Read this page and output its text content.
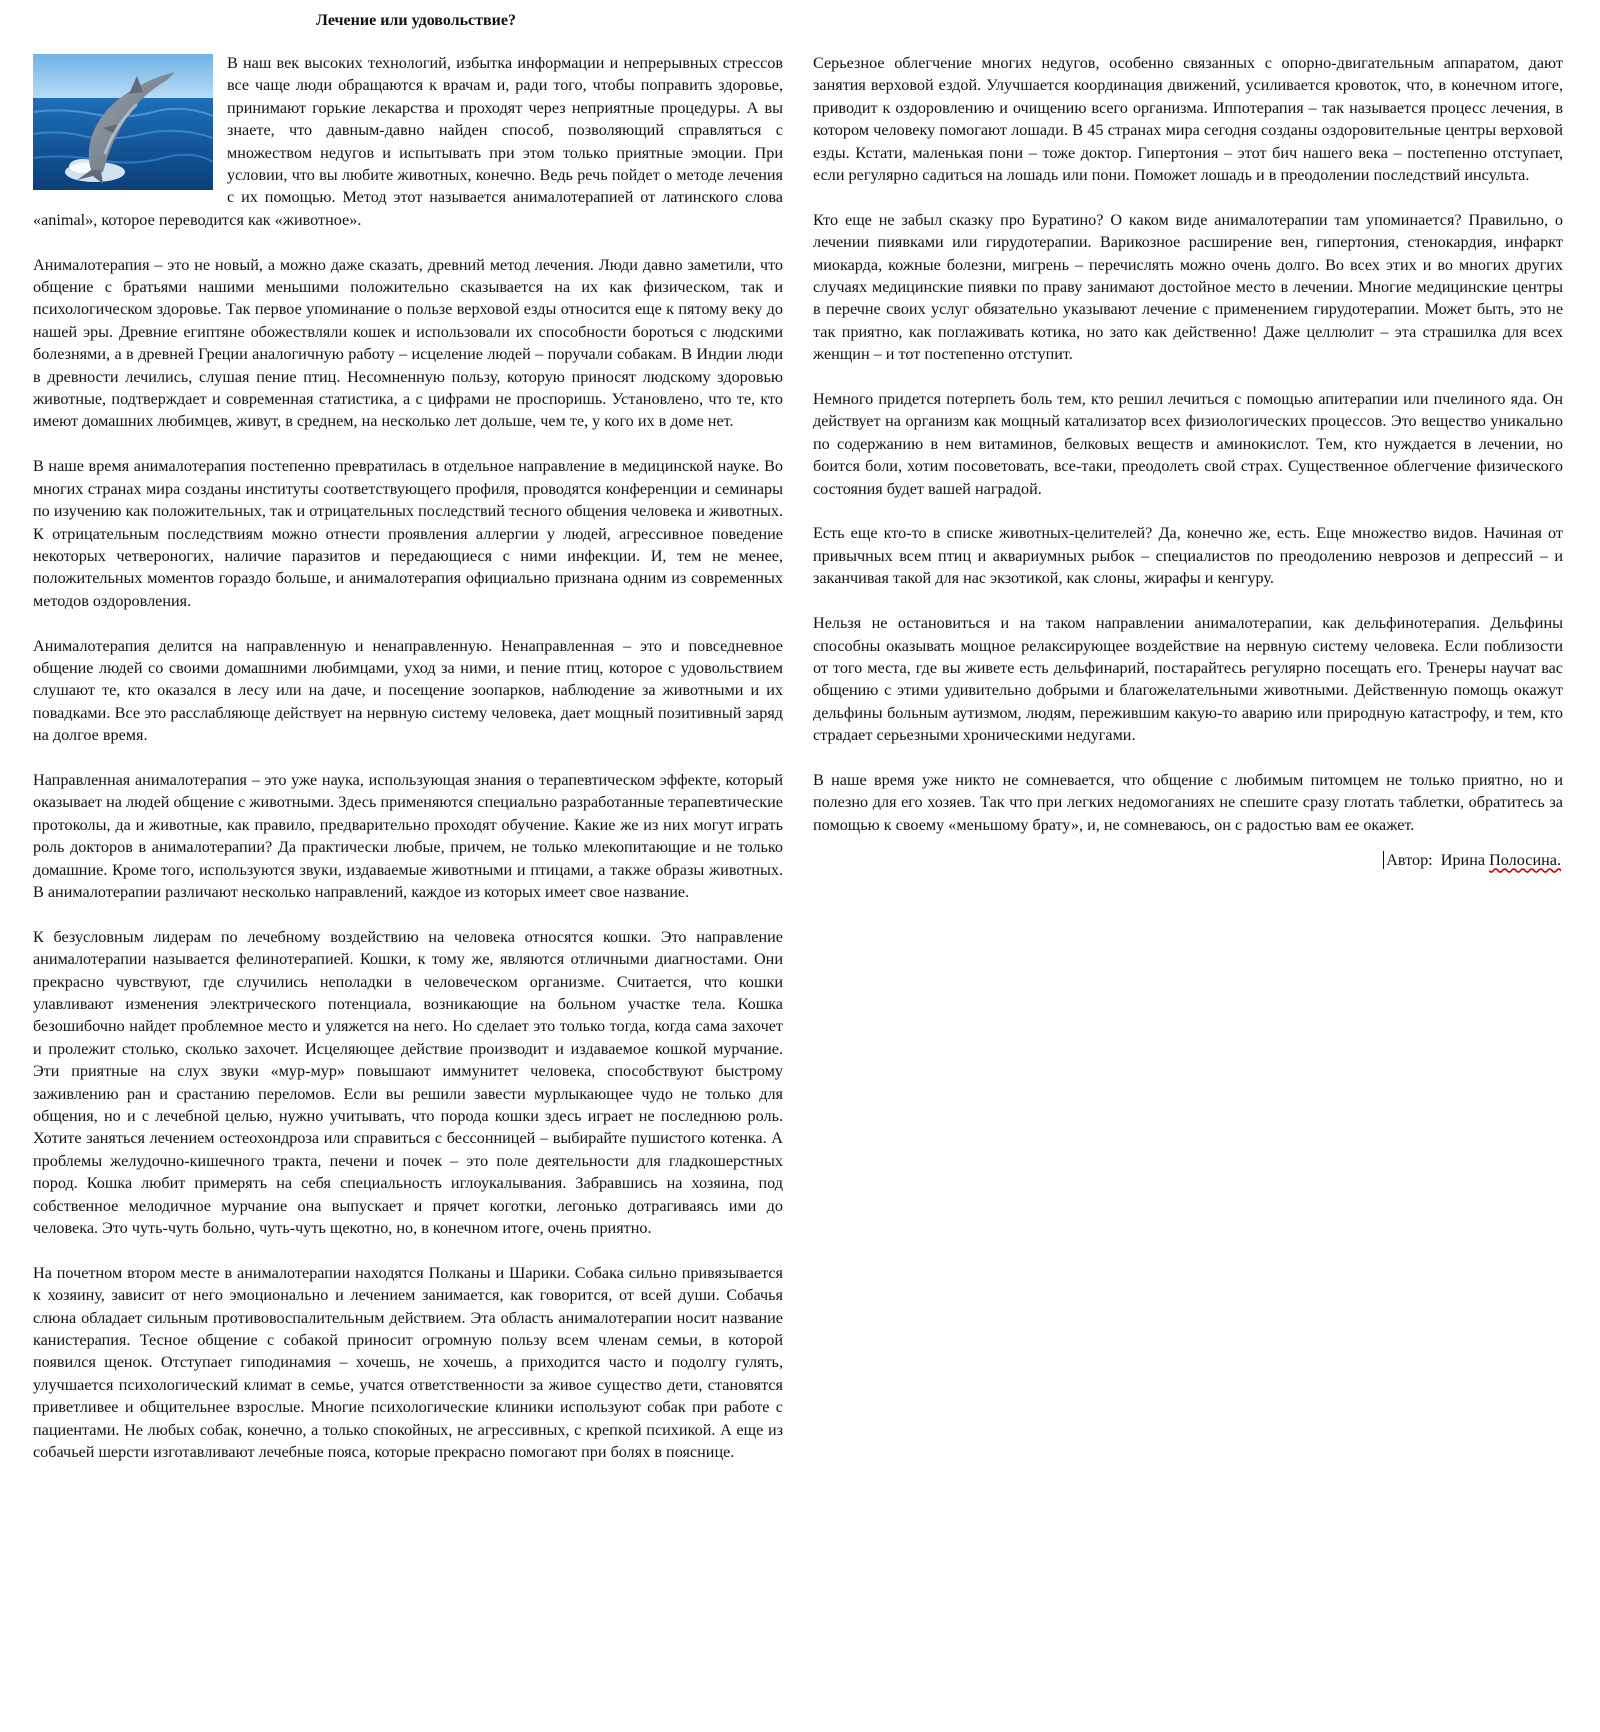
Лечение или удовольствие?

В наш век высоких технологий, избытка информации и непрерывных стрессов все чаще люди обращаются к врачам и, ради того, чтобы поправить здоровье, принимают горькие лекарства и проходят через неприятные процедуры. А вы знаете, что давным-давно найден способ, позволяющий справляться с множеством недугов и испытывать при этом только приятные эмоции. При условии, что вы любите животных, конечно. Ведь речь пойдет о методе лечения с их помощью. Метод этот называется анималотерапией от латинского слова «animal», которое переводится как «животное».

Анималотерапия – это не новый, а можно даже сказать, древний метод лечения. Люди давно заметили, что общение с братьями нашими меньшими положительно сказывается на их как физическом, так и психологическом здоровье. Так первое упоминание о пользе верховой езды относится еще к пятому веку до нашей эры. Древние египтяне обожествляли кошек и использовали их способности бороться с людскими болезнями, а в древней Греции аналогичную работу – исцеление людей – поручали собакам. В Индии люди в древности лечились, слушая пение птиц. Несомненную пользу, которую приносят людскому здоровью животные, подтверждает и современная статистика, а с цифрами не проспоришь. Установлено, что те, кто имеют домашних любимцев, живут, в среднем, на несколько лет дольше, чем те, у кого их в доме нет.

В наше время анималотерапия постепенно превратилась в отдельное направление в медицинской науке. Во многих странах мира созданы институты соответствующего профиля, проводятся конференции и семинары по изучению как положительных, так и отрицательных последствий тесного общения человека и животных. К отрицательным последствиям можно отнести проявления аллергии у людей, агрессивное поведение некоторых четвероногих, наличие паразитов и передающиеся с ними инфекции. И, тем не менее, положительных моментов гораздо больше, и анималотерапия официально признана одним из современных методов оздоровления.

Анималотерапия делится на направленную и ненаправленную. Ненаправленная – это и повседневное общение людей со своими домашними любимцами, уход за ними, и пение птиц, которое с удовольствием слушают те, кто оказался в лесу или на даче, и посещение зоопарков, наблюдение за животными и их повадками. Все это расслабляюще действует на нервную систему человека, дает мощный позитивный заряд на долгое время.

Направленная анималотерапия – это уже наука, использующая знания о терапевтическом эффекте, который оказывает на людей общение с животными. Здесь применяются специально разработанные терапевтические протоколы, да и животные, как правило, предварительно проходят обучение. Какие же из них могут играть роль докторов в анималотерапии? Да практически любые, причем, не только млекопитающие и не только домашние. Кроме того, используются звуки, издаваемые животными и птицами, а также образы животных. В анималотерапии различают несколько направлений, каждое из которых имеет свое название.

К безусловным лидерам по лечебному воздействию на человека относятся кошки. Это направление анималотерапии называется фелинотерапией. Кошки, к тому же, являются отличными диагностами. Они прекрасно чувствуют, где случились неполадки в человеческом организме. Считается, что кошки улавливают изменения электрического потенциала, возникающие на больном участке тела. Кошка безошибочно найдет проблемное место и уляжется на него. Но сделает это только тогда, когда сама захочет и пролежит столько, сколько захочет. Исцеляющее действие производит и издаваемое кошкой мурчание. Эти приятные на слух звуки «мур-мур» повышают иммунитет человека, способствуют быстрому заживлению ран и срастанию переломов. Если вы решили завести мурлыкающее чудо не только для общения, но и с лечебной целью, нужно учитывать, что порода кошки здесь играет не последнюю роль. Хотите заняться лечением остеохондроза или справиться с бессонницей – выбирайте пушистого котенка. А проблемы желудочно-кишечного тракта, печени и почек – это поле деятельности для гладкошерстных пород. Кошка любит примерять на себя специальность иглоукалывания. Забравшись на хозяина, под собственное мелодичное мурчание она выпускает и прячет коготки, легонько дотрагиваясь ими до человека. Это чуть-чуть больно, чуть-чуть щекотно, но, в конечном итоге, очень приятно.

На почетном втором месте в анималотерапии находятся Полканы и Шарики. Собака сильно привязывается к хозяину, зависит от него эмоционально и лечением занимается, как говорится, от всей души. Собачья слюна обладает сильным противовоспалительным действием. Эта область анималотерапии носит название канистерапия. Тесное общение с собакой приносит огромную пользу всем членам семьи, в которой появился щенок. Отступает гиподинамия – хочешь, не хочешь, а приходится часто и подолгу гулять, улучшается психологический климат в семье, учатся ответственности за живое существо дети, становятся приветливее и общительнее взрослые. Многие психологические клиники используют собак при работе с пациентами. Не любых собак, конечно, а только спокойных, не агрессивных, с крепкой психикой. А еще из собачьей шерсти изготавливают лечебные пояса, которые прекрасно помогают при болях в пояснице.

Серьезное облегчение многих недугов, особенно связанных с опорно-двигательным аппаратом, дают занятия верховой ездой. Улучшается координация движений, усиливается кровоток, что, в конечном итоге, приводит к оздоровлению и очищению всего организма. Иппотерапия – так называется процесс лечения, в котором человеку помогают лошади. В 45 странах мира сегодня созданы оздоровительные центры верховой езды. Кстати, маленькая пони – тоже доктор. Гипертония – этот бич нашего века – постепенно отступает, если регулярно садиться на лошадь или пони. Поможет лошадь и в преодолении последствий инсульта.

Кто еще не забыл сказку про Буратино? О каком виде анималотерапии там упоминается? Правильно, о лечении пиявками или гирудотерапии. Варикозное расширение вен, гипертония, стенокардия, инфаркт миокарда, кожные болезни, мигрень – перечислять можно очень долго. Во всех этих и во многих других случаях медицинские пиявки по праву занимают достойное место в лечении. Многие медицинские центры в перечне своих услуг обязательно указывают лечение с применением гирудотерапии. Может быть, это не так приятно, как поглаживать котика, но зато как действенно! Даже целлюлит – эта страшилка для всех женщин – и тот постепенно отступит.

Немного придется потерпеть боль тем, кто решил лечиться с помощью апитерапии или пчелиного яда. Он действует на организм как мощный катализатор всех физиологических процессов. Это вещество уникально по содержанию в нем витаминов, белковых веществ и аминокислот. Тем, кто нуждается в лечении, но боится боли, хотим посоветовать, все-таки, преодолеть свой страх. Существенное облегчение физического состояния будет вашей наградой.

Есть еще кто-то в списке животных-целителей? Да, конечно же, есть. Еще множество видов. Начиная от привычных всем птиц и аквариумных рыбок – специалистов по преодолению неврозов и депрессий – и заканчивая такой для нас экзотикой, как слоны, жирафы и кенгуру.

Нельзя не остановиться и на таком направлении анималотерапии, как дельфинотерапия. Дельфины способны оказывать мощное релаксирующее воздействие на нервную систему человека. Если поблизости от того места, где вы живете есть дельфинарий, постарайтесь регулярно посещать его. Тренеры научат вас общению с этими удивительно добрыми и благожелательными животными. Действенную помощь окажут дельфины больным аутизмом, людям, пережившим какую-то аварию или природную катастрофу, и тем, кто страдает серьезными хроническими недугами.

В наше время уже никто не сомневается, что общение с любимым питомцем не только приятно, но и полезно для его хозяев. Так что при легких недомоганиях не спешите сразу глотать таблетки, обратитесь за помощью к своему «меньшому брату», и, не сомневаюсь, он с радостью вам ее окажет.

Автор: Ирина Полосина.
